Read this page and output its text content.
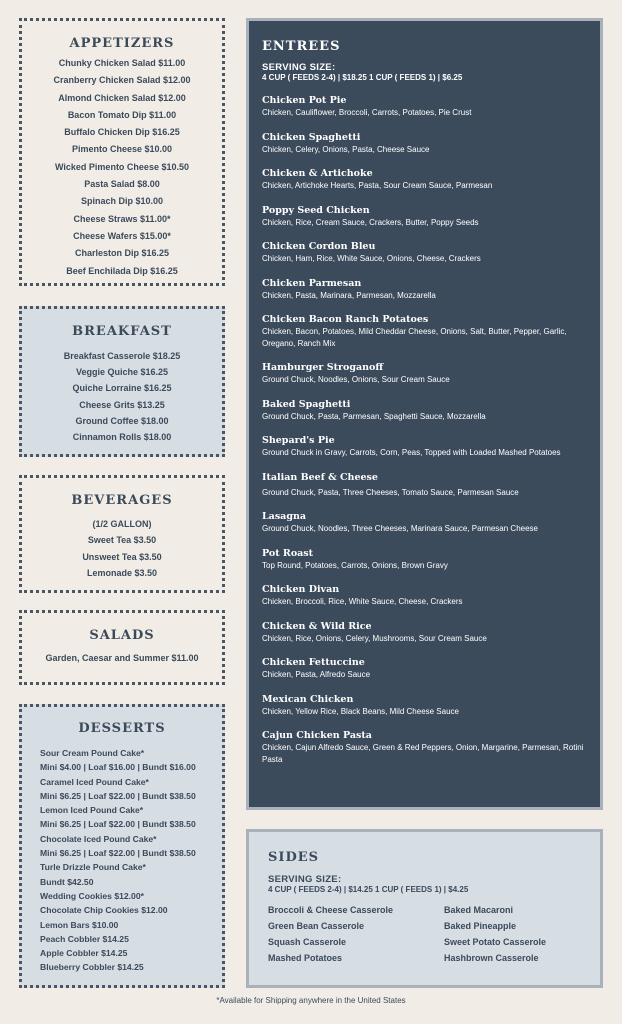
APPETIZERS
Chunky Chicken Salad $11.00
Cranberry Chicken Salad $12.00
Almond Chicken Salad $12.00
Bacon Tomato Dip $11.00
Buffalo Chicken Dip $16.25
Pimento Cheese $10.00
Wicked Pimento Cheese $10.50
Pasta Salad $8.00
Spinach Dip $10.00
Cheese Straws $11.00*
Cheese Wafers $15.00*
Charleston Dip $16.25
Beef Enchilada Dip $16.25
BREAKFAST
Breakfast Casserole $18.25
Veggie Quiche $16.25
Quiche Lorraine $16.25
Cheese Grits $13.25
Ground Coffee $18.00
Cinnamon Rolls $18.00
BEVERAGES
(1/2 GALLON)
Sweet Tea $3.50
Unsweet Tea $3.50
Lemonade $3.50
SALADS
Garden, Caesar and Summer $11.00
DESSERTS
Sour Cream Pound Cake*
Mini $4.00 | Loaf $16.00 | Bundt $16.00
Caramel Iced Pound Cake*
Mini $6.25 | Loaf $22.00 | Bundt $38.50
Lemon Iced Pound Cake*
Mini $6.25 | Loaf $22.00 | Bundt $38.50
Chocolate Iced Pound Cake*
Mini $6.25 | Loaf $22.00 | Bundt $38.50
Turle Drizzle Pound Cake*
Bundt $42.50
Wedding Cookies $12.00*
Chocolate Chip Cookies $12.00
Lemon Bars $10.00
Peach Cobbler $14.25
Apple Cobbler $14.25
Blueberry Cobbler $14.25
ENTREES
SERVING SIZE:
4 CUP ( FEEDS 2-4) | $18.25 1 CUP ( FEEDS 1) | $6.25
Chicken Pot Pie
Chicken, Cauliflower, Broccoli, Carrots, Potatoes, Pie Crust
Chicken Spaghetti
Chicken, Celery, Onions, Pasta, Cheese Sauce
Chicken & Artichoke
Chicken, Artichoke Hearts, Pasta, Sour Cream Sauce, Parmesan
Poppy Seed Chicken
Chicken, Rice, Cream Sauce, Crackers, Butter, Poppy Seeds
Chicken Cordon Bleu
Chicken, Ham, Rice, White Sauce, Onions, Cheese, Crackers
Chicken Parmesan
Chicken, Pasta, Marinara, Parmesan, Mozzarella
Chicken Bacon Ranch Potatoes
Chicken, Bacon, Potatoes, Mild Cheddar Cheese, Onions, Salt, Butter, Pepper, Garlic, Oregano, Ranch Mix
Hamburger Stroganoff
Ground Chuck, Noodles, Onions, Sour Cream Sauce
Baked Spaghetti
Ground Chuck, Pasta, Parmesan, Spaghetti Sauce, Mozzarella
Shepard's Pie
Ground Chuck in Gravy, Carrots, Corn, Peas, Topped with Loaded Mashed Potatoes
Italian Beef & Cheese
Ground Chuck, Pasta, Three Cheeses, Tomato Sauce, Parmesan Sauce
Lasagna
Ground Chuck, Noodles, Three Cheeses, Marinara Sauce, Parmesan Cheese
Pot Roast
Top Round, Potatoes, Carrots, Onions, Brown Gravy
Chicken Divan
Chicken, Broccoli, Rice, White Sauce, Cheese, Crackers
Chicken & Wild Rice
Chicken, Rice, Onions, Celery, Mushrooms, Sour Cream Sauce
Chicken Fettuccine
Chicken, Pasta, Alfredo Sauce
Mexican Chicken
Chicken, Yellow Rice, Black Beans, Mild Cheese Sauce
Cajun Chicken Pasta
Chicken, Cajun Alfredo Sauce, Green & Red Peppers, Onion, Margarine, Parmesan, Rotini Pasta
SIDES
SERVING SIZE:
4 CUP ( FEEDS 2-4) | $14.25 1 CUP ( FEEDS 1) | $4.25
Broccoli & Cheese Casserole	Baked Macaroni
Green Bean Casserole	Baked Pineapple
Squash Casserole	Sweet Potato Casserole
Mashed Potatoes	Hashbrown Casserole
*Available for Shipping anywhere in the United States
